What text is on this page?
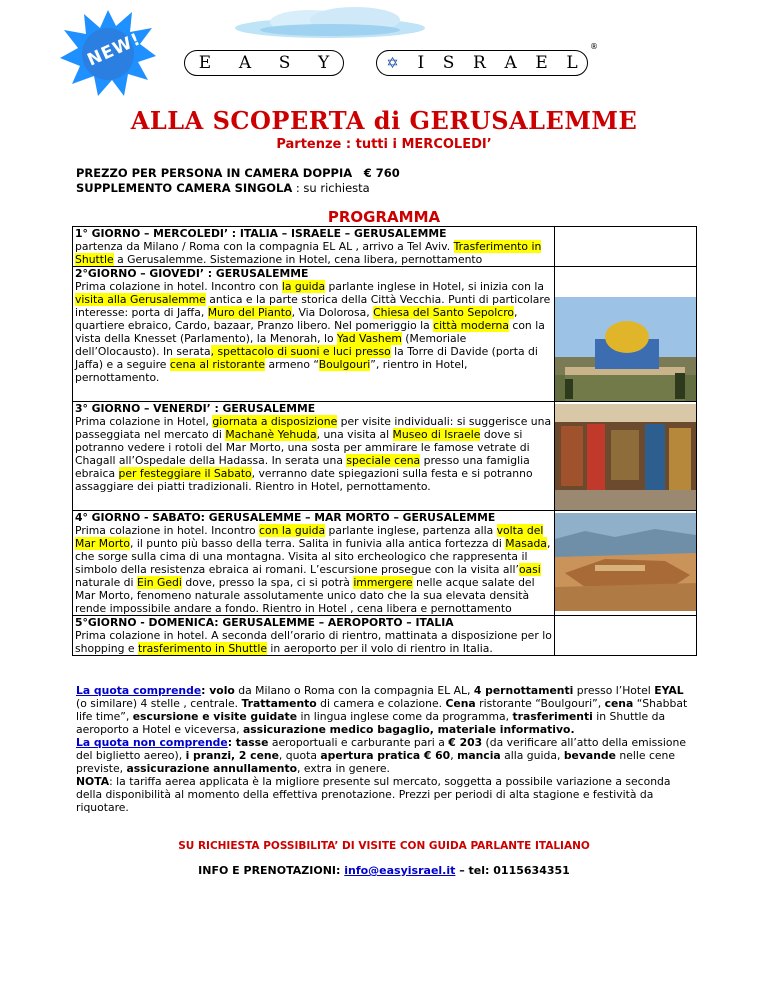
NEW!	E A S Y	✡ I S R A E L
®
ALLA SCOPERTA di GERUSALEMME
Partenze : tutti i MERCOLEDI’
PREZZO PER PERSONA IN CAMERA DOPPIA € 760
SUPPLEMENTO CAMERA SINGOLA : su richiesta
PROGRAMMA
1° GIORNO – MERCOLEDI’ : ITALIA – ISRAELE – GERUSALEMME
partenza da Milano / Roma con la compagnia EL AL , arrivo a Tel Aviv. Trasferimento in Shuttle a Gerusalemme. Sistemazione in Hotel, cena libera, pernottamento	

2°GIORNO – GIOVEDI’ : GERUSALEMME
Prima colazione in hotel. Incontro con la guida parlante inglese in Hotel, si inizia con la visita alla Gerusalemme antica e la parte storica della Città Vecchia. Punti di particolare interesse: porta di Jaffa, Muro del Pianto, Via Dolorosa, Chiesa del Santo Sepolcro, quartiere ebraico, Cardo, bazaar, Pranzo libero. Nel pomeriggio la città moderna con la vista della Knesset (Parlamento), la Menorah, lo Yad Vashem (Memoriale dell’Olocausto). In serata, spettacolo di suoni e luci presso la Torre di Davide (porta di Jaffa) e a seguire cena al ristorante armeno “Boulgouri”, rientro in Hotel, pernottamento.

3° GIORNO – VENERDI’ : GERUSALEMME
Prima colazione in Hotel, giornata a disposizione per visite individuali: si suggerisce una passeggiata nel mercato di Machanè Yehuda, una visita al Museo di Israele dove si potranno vedere i rotoli del Mar Morto, una sosta per ammirare le famose vetrate di Chagall all’Ospedale della Hadassa. In serata una speciale cena presso una famiglia ebraica per festeggiare il Sabato, verranno date spiegazioni sulla festa e si potranno assaggiare dei piatti tradizionali. Rientro in Hotel, pernottamento.

4° GIORNO - SABATO: GERUSALEMME – MAR MORTO – GERUSALEMME
Prima colazione in hotel. Incontro con la guida parlante inglese, partenza alla volta del Mar Morto, il punto più basso della terra. Salita in funivia alla antica fortezza di Masada, che sorge sulla cima di una montagna. Visita al sito ercheologico che rappresenta il simbolo della resistenza ebraica ai romani. L’escursione prosegue con la visita all’oasi naturale di Ein Gedi dove, presso la spa, ci si potrà immergere nelle acque salate del Mar Morto, fenomeno naturale assolutamente unico dato che la sua elevata densità rende impossibile andare a fondo. Rientro in Hotel , cena libera e pernottamento

5°GIORNO - DOMENICA: GERUSALEMME – AEROPORTO – ITALIA
Prima colazione in hotel. A seconda dell’orario di rientro, mattinata a disposizione per lo shopping e trasferimento in Shuttle in aeroporto per il volo di rientro in Italia.	

La quota comprende: volo da Milano o Roma con la compagnia EL AL, 4 pernottamenti presso l’Hotel EYAL (o similare) 4 stelle , centrale. Trattamento di camera e colazione. Cena ristorante “Boulgouri”, cena “Shabbat life time”, escursione e visite guidate in lingua inglese come da programma, trasferimenti in Shuttle da aeroporto a Hotel e viceversa, assicurazione medico bagaglio, materiale informativo.
La quota non comprende: tasse aeroportuali e carburante pari a € 203 (da verificare all’atto della emissione del biglietto aereo), i pranzi, 2 cene, quota apertura pratica € 60, mancia alla guida, bevande nelle cene previste, assicurazione annullamento, extra in genere.
NOTA: la tariffa aerea applicata è la migliore presente sul mercato, soggetta a possibile variazione a seconda della disponibilità al momento della effettiva prenotazione. Prezzi per periodi di alta stagione e festività da riquotare.
SU RICHIESTA POSSIBILITA’ DI VISITE CON GUIDA PARLANTE ITALIANO
INFO E PRENOTAZIONI: info@easyisrael.it – tel: 0115634351
